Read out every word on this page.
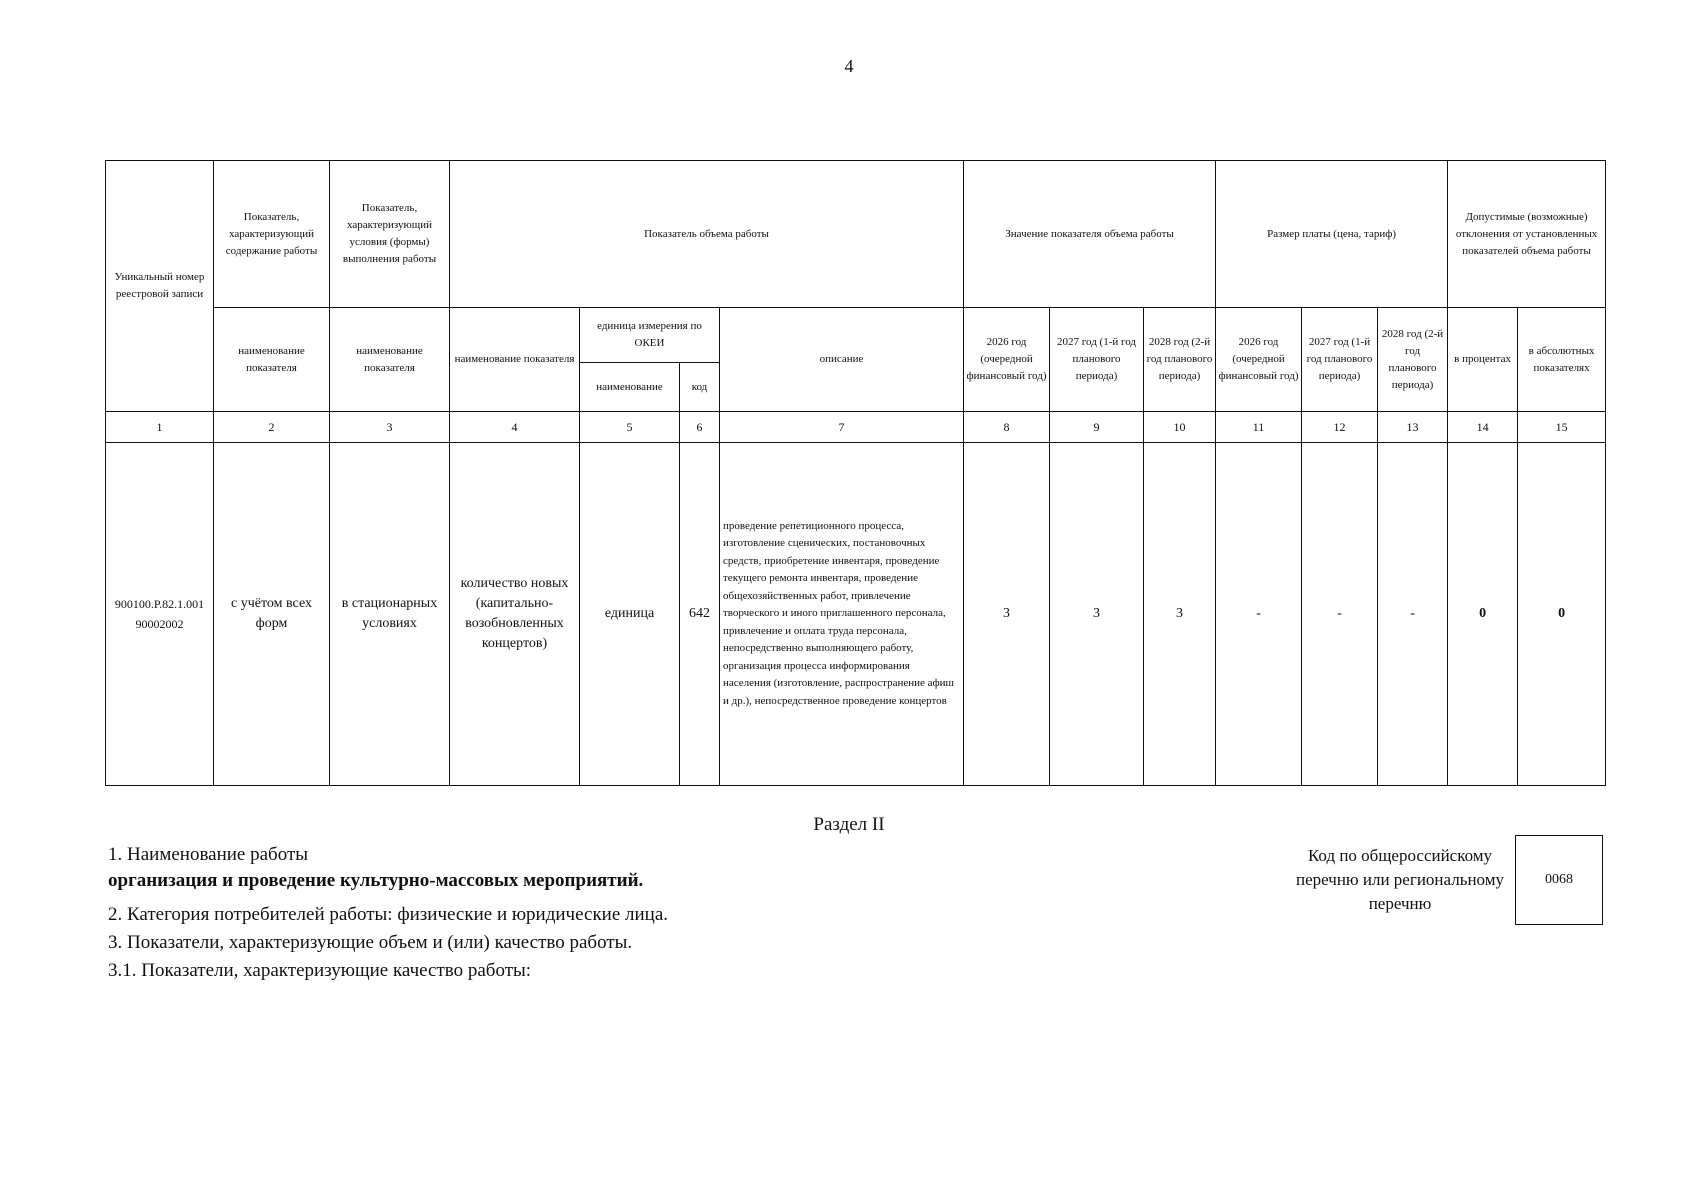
4
Уникальный номер реестровой записи	Показатель, характеризующий содержание работы	Показатель, характеризующий условия (формы) выполнения работы	Показатель объема работы				Значение показателя объема работы			Размер платы (цена, тариф)			Допустимые (возможные) отклонения от установленных показателей объема работы	
	наименование показателя	наименование показателя	наименование показателя	единица измерения по ОКЕИ		описание	2026 год (очередной финансовый год)	2027 год (1-й год планового периода)	2028 год (2-й год планового периода)	2026 год (очередной финансовый год)	2027 год (1-й год планового периода)	2028 год (2-й год планового периода)	в процентах	в абсолютных показателях
				наименование	код									
1	2	3	4	5	6	7	8	9	10	11	12	13	14	15
900100.Р.82.1.001 90002002	с учётом всех форм	в стационарных условиях	количество новых (капитально-возобновленных концертов)	единица	642	проведение репетиционного процесса, изготовление сценических, постановочных средств, приобретение инвентаря, проведение текущего ремонта инвентаря, проведение общехозяйственных работ, привлечение творческого и иного приглашенного персонала, привлечение и оплата труда персонала, непосредственно выполняющего работу, организация процесса информирования населения (изготовление, распространение афиш и др.), непосредственное проведение концертов	3	3	3	-	-	-	0	0
Раздел II
1. Наименование работы
организация и проведение культурно-массовых мероприятий.
2. Категория потребителей работы: физические и юридические лица.
3. Показатели, характеризующие объем и (или) качество работы.
3.1. Показатели, характеризующие качество работы:
Код по общероссийскому перечню или региональному перечню
0068
